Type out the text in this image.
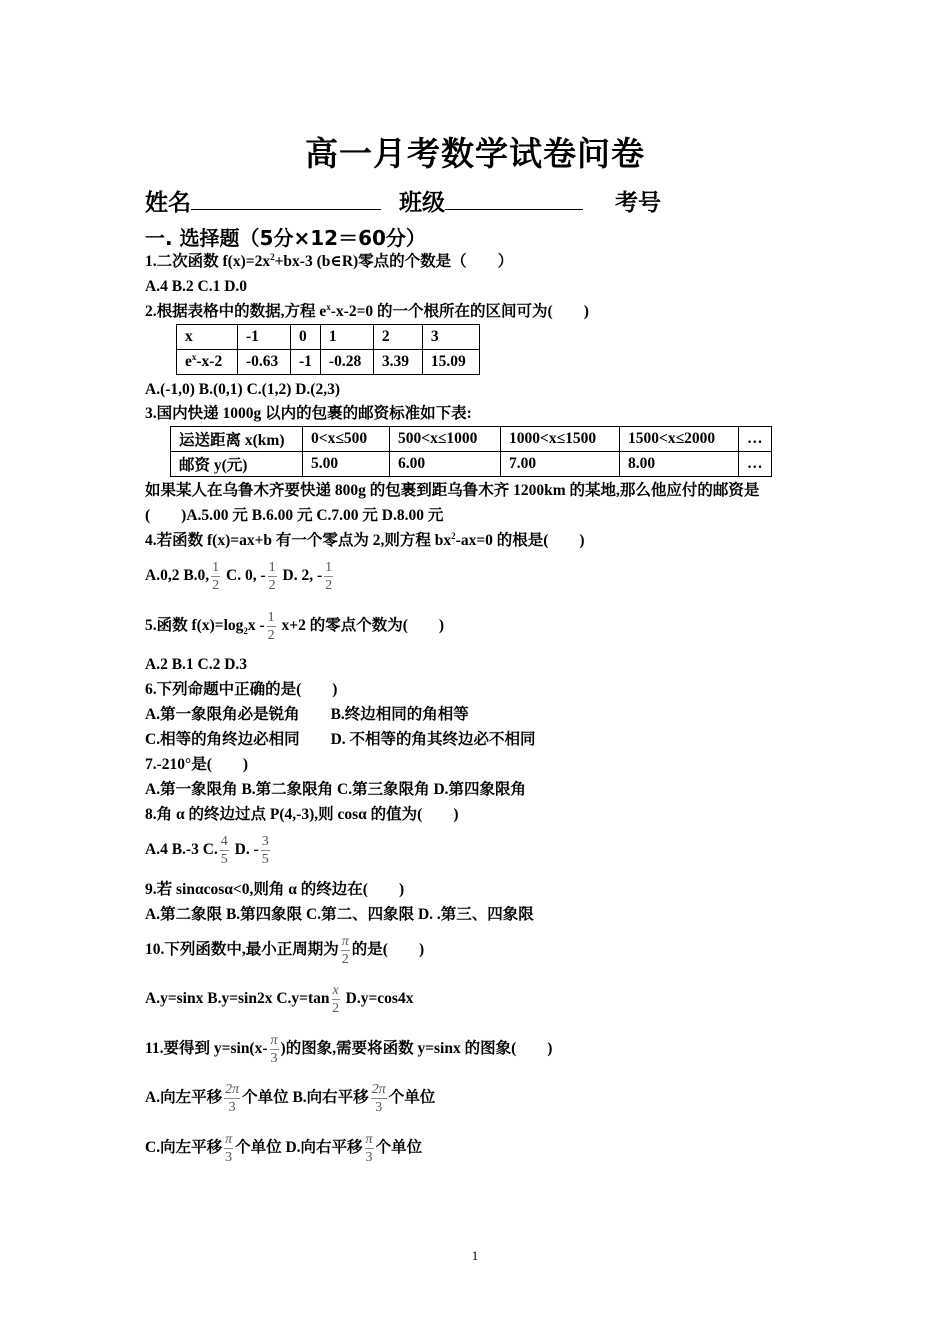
高一月考数学试卷问卷
姓名	班级	考号
一. 选择题（5分×12＝60分）
1.二次函数 $f(x)=2x^2+bx-3$ (b∈R)零点的个数是（　　）
A.4 B.2 C.1 D.0
2.根据表格中的数据,方程 $e^x-x-2=0$ 的一个根所在的区间可为(　　)
x	-1	0	1	2	3
$e^x-x-2$	-0.63	-1	-0.28	3.39	15.09
A.(-1,0) B.(0,1) C.(1,2) D.(2,3)
3.国内快递 1000g 以内的包裹的邮资标准如下表:
运送距离 x(km)	0<x≤500	500<x≤1000	1000<x≤1500	1500<x≤2000	…
邮资 y(元)	5.00	6.00	7.00	8.00	…
如果某人在乌鲁木齐要快递 800g 的包裹到距乌鲁木齐 1200km 的某地,那么他应付的邮资是
(　　)A.5.00 元 B.6.00 元 C.7.00 元 D.8.00 元
4.若函数 f(x)=ax+b 有一个零点为 2,则方程 $bx^2-ax=0$ 的根是(　　)
A.0,2 B.0, $\frac{1}{2} C$. 0, - $\frac{1}{2} D$. 2, - $\frac{1}{2}$
5.函数 $f(x)=\log_2x - \frac{1}{2} x+2$ 的零点个数为(　　)
A.2 B.1 C.2 D.3
6.下列命题中正确的是(　　)
A.第一象限角必是锐角　　B.终边相同的角相等
C.相等的角终边必相同　　D. 不相等的角其终边必不相同
7.-210°是(　　)
A.第一象限角 B.第二象限角 C.第三象限角 D.第四象限角
8.角 α 的终边过点 P(4,-3),则 cosα 的值为(　　)
A.4 B.-3 C. $\frac{4}{5} D$. - $\frac{3}{5}$
9.若 sinαcosα<0,则角 α 的终边在(　　)
A.第二象限 B.第四象限 C.第二、四象限 D. .第三、四象限
10.下列函数中,最小正周期为 $\frac{\pi}{2}$ 的是(　　)
A.y=sinx B.y=sin2x $C.y=\tan \frac{x}{2} D.y=\cos 4x$
11.要得到 $y=\sin(x- \frac{\pi}{3}$ )的图象,需要将函数 y=sinx 的图象(　　)
A.向左平移 $\frac{2\pi}{3}$ 个单位 B.向右平移 $\frac{2\pi}{3}$ 个单位
C.向左平移 $\frac{\pi}{3}$ 个单位 D.向右平移 $\frac{\pi}{3}$ 个单位
1
